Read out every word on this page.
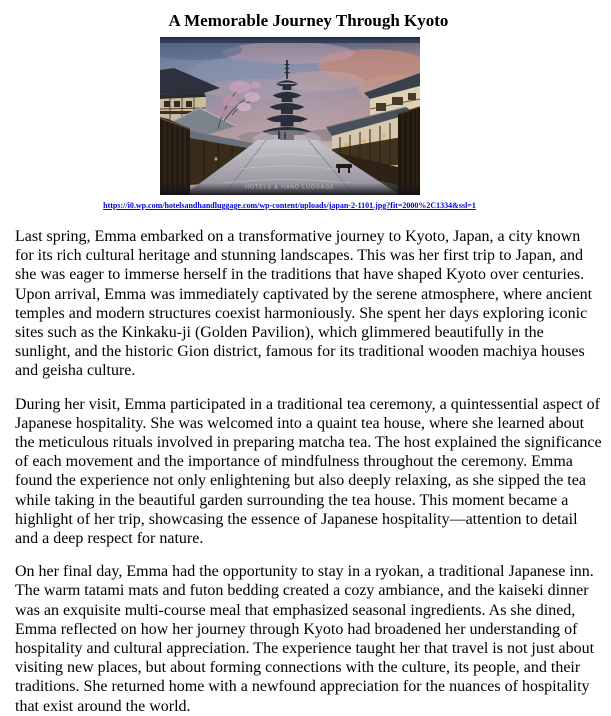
A Memorable Journey Through Kyoto
HOTELS & HAND LUGGAGE
https://i0.wp.com/hotelsandhandluggage.com/wp-content/uploads/japan-2-1101.jpg?fit=2000%2C1334&ssl=1

Last spring, Emma embarked on a transformative journey to Kyoto, Japan, a city known for its rich cultural heritage and stunning landscapes. This was her first trip to Japan, and she was eager to immerse herself in the traditions that have shaped Kyoto over centuries. Upon arrival, Emma was immediately captivated by the serene atmosphere, where ancient temples and modern structures coexist harmoniously. She spent her days exploring iconic sites such as the Kinkaku-ji (Golden Pavilion), which glimmered beautifully in the sunlight, and the historic Gion district, famous for its traditional wooden machiya houses and geisha culture.

During her visit, Emma participated in a traditional tea ceremony, a quintessential aspect of Japanese hospitality. She was welcomed into a quaint tea house, where she learned about the meticulous rituals involved in preparing matcha tea. The host explained the significance of each movement and the importance of mindfulness throughout the ceremony. Emma found the experience not only enlightening but also deeply relaxing, as she sipped the tea while taking in the beautiful garden surrounding the tea house. This moment became a highlight of her trip, showcasing the essence of Japanese hospitality—attention to detail and a deep respect for nature.

On her final day, Emma had the opportunity to stay in a ryokan, a traditional Japanese inn. The warm tatami mats and futon bedding created a cozy ambiance, and the kaiseki dinner was an exquisite multi-course meal that emphasized seasonal ingredients. As she dined, Emma reflected on how her journey through Kyoto had broadened her understanding of hospitality and cultural appreciation. The experience taught her that travel is not just about visiting new places, but about forming connections with the culture, its people, and their traditions. She returned home with a newfound appreciation for the nuances of hospitality that exist around the world.
